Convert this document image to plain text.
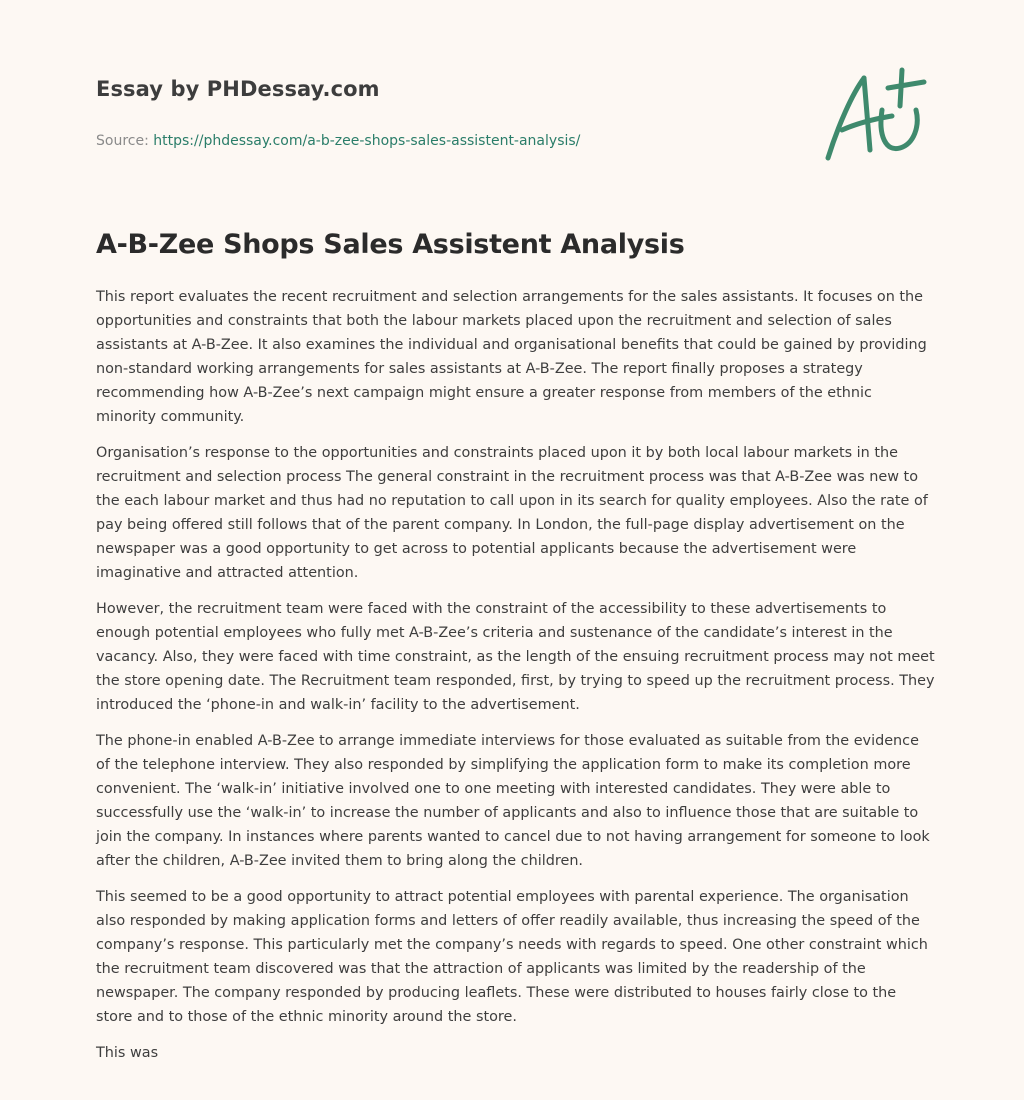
Essay by PHDessay.com

Source: https://phdessay.com/a-b-zee-shops-sales-assistent-analysis/
A-B-Zee Shops Sales Assistent Analysis

This report evaluates the recent recruitment and selection arrangements for the sales assistants. It focuses on the opportunities and constraints that both the labour markets placed upon the recruitment and selection of sales assistants at A-B-Zee. It also examines the individual and organisational benefits that could be gained by providing non-standard working arrangements for sales assistants at A-B-Zee. The report finally proposes a strategy recommending how A-B-Zee’s next campaign might ensure a greater response from members of the ethnic minority community.

Organisation’s response to the opportunities and constraints placed upon it by both local labour markets in the recruitment and selection process The general constraint in the recruitment process was that A-B-Zee was new to the each labour market and thus had no reputation to call upon in its search for quality employees. Also the rate of pay being offered still follows that of the parent company. In London, the full-page display advertisement on the newspaper was a good opportunity to get across to potential applicants because the advertisement were imaginative and attracted attention.

However, the recruitment team were faced with the constraint of the accessibility to these advertisements to enough potential employees who fully met A-B-Zee’s criteria and sustenance of the candidate’s interest in the vacancy. Also, they were faced with time constraint, as the length of the ensuing recruitment process may not meet the store opening date. The Recruitment team responded, first, by trying to speed up the recruitment process. They introduced the ‘phone-in and walk-in’ facility to the advertisement.

The phone-in enabled A-B-Zee to arrange immediate interviews for those evaluated as suitable from the evidence of the telephone interview. They also responded by simplifying the application form to make its completion more convenient. The ‘walk-in’ initiative involved one to one meeting with interested candidates. They were able to successfully use the ‘walk-in’ to increase the number of applicants and also to influence those that are suitable to join the company. In instances where parents wanted to cancel due to not having arrangement for someone to look after the children, A-B-Zee invited them to bring along the children.

This seemed to be a good opportunity to attract potential employees with parental experience. The organisation also responded by making application forms and letters of offer readily available, thus increasing the speed of the company’s response. This particularly met the company’s needs with regards to speed. One other constraint which the recruitment team discovered was that the attraction of applicants was limited by the readership of the newspaper. The company responded by producing leaflets. These were distributed to houses fairly close to the store and to those of the ethnic minority around the store.

This was
